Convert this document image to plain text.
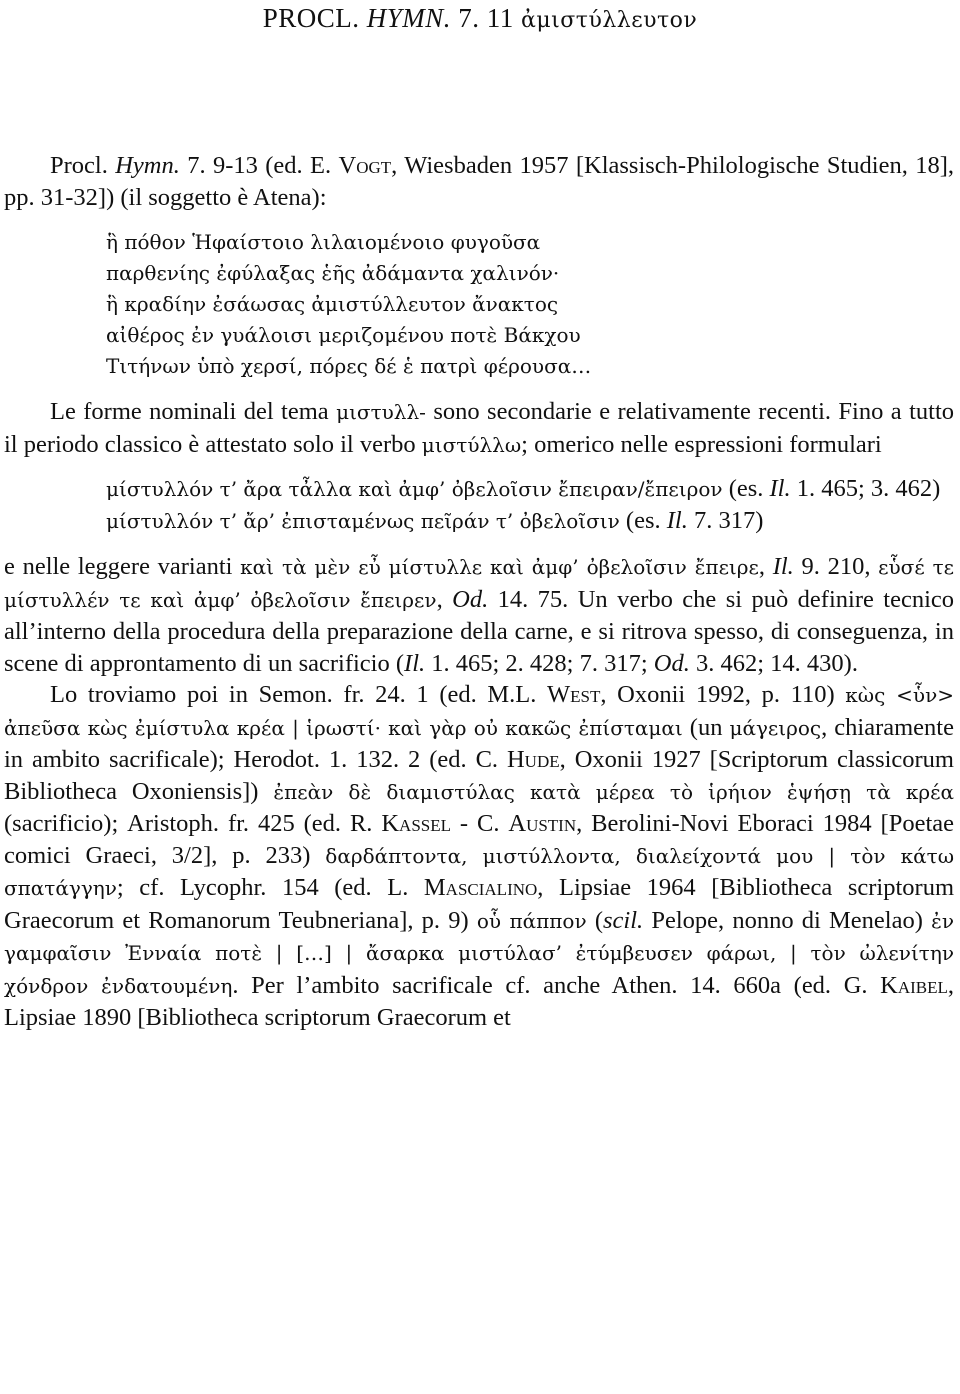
PROCL. HYMN. 7. 11 ἀμιστύλλευτον

Procl. Hymn. 7. 9-13 (ed. E. Vogt, Wiesbaden 1957 [Klassisch-Philologische Studien, 18], pp. 31-32]) (il soggetto è Atena):

ἣ πόθον Ἡφαίστοιο λιλαιομένοιο φυγοῦσα
παρθενίης ἐφύλαξας ἑῆς ἀδάμαντα χαλινόν·
ἣ κραδίην ἐσάωσας ἀμιστύλλευτον ἄνακτος
αἰθέρος ἐν γυάλοισι μεριζομένου ποτὲ Βάκχου
Τιτήνων ὑπὸ χερσί, πόρες δέ ἑ πατρὶ φέρουσα…

Le forme nominali del tema μιστυλλ- sono secondarie e relativamente recenti. Fino a tutto il periodo classico è attestato solo il verbo μιστύλλω; omerico nelle espressioni formulari

μίστυλλόν τ’ ἄρα τἆλλα καὶ ἀμφ’ ὀβελοῖσιν ἔπειραν/ἔπειρον (es. Il. 1. 465; 3. 462)
μίστυλλόν τ’ ἄρ’ ἐπισταμένως πεῖράν τ’ ὀβελοῖσιν (es. Il. 7. 317)

e nelle leggere varianti καὶ τὰ μὲν εὖ μίστυλλε καὶ ἀμφ’ ὀβελοῖσιν ἔπειρε, Il. 9. 210, εὗσέ τε μίστυλλέν τε καὶ ἀμφ’ ὀβελοῖσιν ἔπειρεν, Od. 14. 75. Un verbo che si può definire tecnico all’interno della procedura della preparazione della carne, e si ritrova spesso, di conseguenza, in scene di approntamento di un sacrificio (Il. 1. 465; 2. 428; 7. 317; Od. 3. 462; 14. 430).

Lo troviamo poi in Semon. fr. 24. 1 (ed. M.L. West, Oxonii 1992, p. 110) κὼς <ὗν> ἀπεῦσα κὼς ἐμίστυλα κρέα | ἱρωστί· καὶ γὰρ οὐ κακῶς ἐπίσταμαι (un μάγειρος, chiaramente in ambito sacrificale); Herodot. 1. 132. 2 (ed. C. Hude, Oxonii 1927 [Scriptorum classicorum Bibliotheca Oxoniensis]) ἐπεὰν δὲ διαμιστύλας κατὰ μέρεα τὸ ἱρήιον ἑψήσῃ τὰ κρέα (sacrificio); Aristoph. fr. 425 (ed. R. Kassel - C. Austin, Berolini-Novi Eboraci 1984 [Poetae comici Graeci, 3/2], p. 233) δαρδάπτοντα, μιστύλλοντα, διαλείχοντά μου | τὸν κάτω σπατάγγην; cf. Lycophr. 154 (ed. L. Mascialino, Lipsiae 1964 [Bibliotheca scriptorum Graecorum et Romanorum Teubneriana], p. 9) οὗ πάππον (scil. Pelope, nonno di Menelao) ἐν γαμφαῖσιν Ἐνναία ποτὲ | […] | ἄσαρκα μιστύλασ’ ἐτύμβευσεν φάρωι, | τὸν ὠλενίτην χόνδρον ἐνδατουμένη. Per l’ambito sacrificale cf. anche Athen. 14. 660a (ed. G. Kaibel, Lipsiae 1890 [Bibliotheca scriptorum Graecorum et
